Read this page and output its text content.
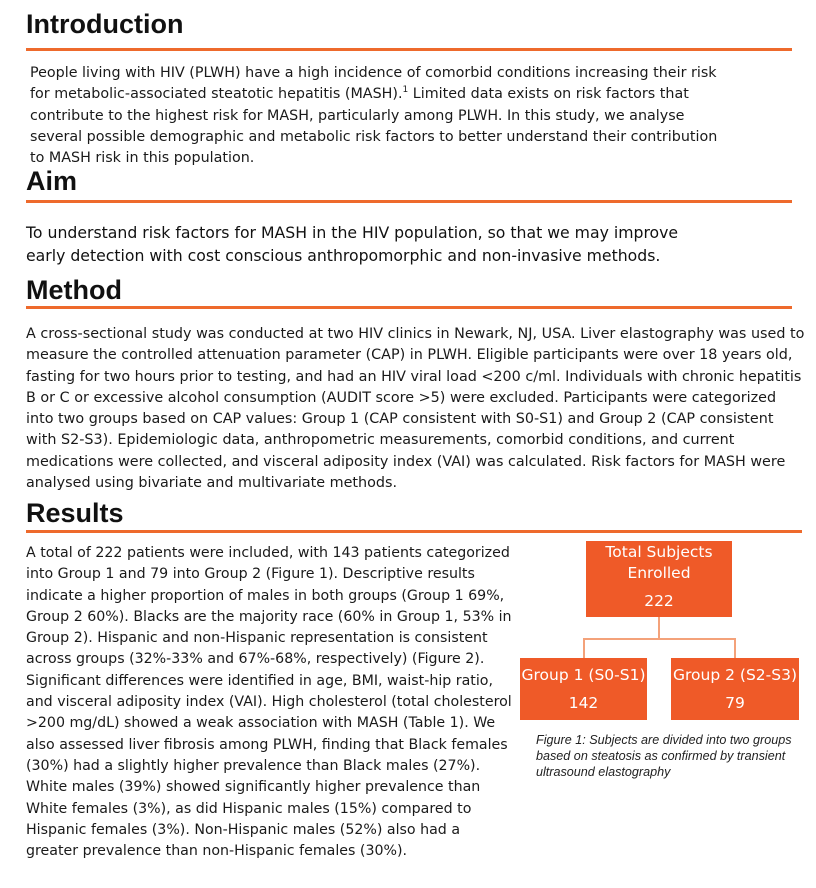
Introduction

People living with HIV (PLWH) have a high incidence of comorbid conditions increasing their risk for metabolic-associated steatotic hepatitis (MASH).$^1$ Limited data exists on risk factors that contribute to the highest risk for MASH, particularly among PLWH. In this study, we analyse several possible demographic and metabolic risk factors to better understand their contribution to MASH risk in this population.

Aim

To understand risk factors for MASH in the HIV population, so that we may improve early detection with cost conscious anthropomorphic and non-invasive methods.

Method

A cross-sectional study was conducted at two HIV clinics in Newark, NJ, USA. Liver elastography was used to measure the controlled attenuation parameter (CAP) in PLWH. Eligible participants were over 18 years old, fasting for two hours prior to testing, and had an HIV viral load <200 c/ml. Individuals with chronic hepatitis B or C or excessive alcohol consumption (AUDIT score >5) were excluded. Participants were categorized into two groups based on CAP values: Group 1 (CAP consistent with S0-S1) and Group 2 (CAP consistent with S2-S3). Epidemiologic data, anthropometric measurements, comorbid conditions, and current medications were collected, and visceral adiposity index (VAI) was calculated. Risk factors for MASH were analysed using bivariate and multivariate methods.

Results

A total of 222 patients were included, with 143 patients categorized into Group 1 and 79 into Group 2 (Figure 1). Descriptive results indicate a higher proportion of males in both groups (Group 1 69%, Group 2 60%). Blacks are the majority race (60% in Group 1, 53% in Group 2). Hispanic and non-Hispanic representation is consistent across groups (32%-33% and 67%-68%, respectively) (Figure 2). Significant differences were identified in age, BMI, waist-hip ratio, and visceral adiposity index (VAI). High cholesterol (total cholesterol >200 mg/dL) showed a weak association with MASH (Table 1). We also assessed liver fibrosis among PLWH, finding that Black females (30%) had a slightly higher prevalence than Black males (27%). White males (39%) showed significantly higher prevalence than White females (3%), as did Hispanic males (15%) compared to Hispanic females (3%). Non-Hispanic males (52%) also had a greater prevalence than non-Hispanic females (30%).

Total Subjects
Enrolled
222
Group 1 (S0-S1)
142
Group 2 (S2-S3)
79

Figure 1: Subjects are divided into two groups based on steatosis as confirmed by transient ultrasound elastography
